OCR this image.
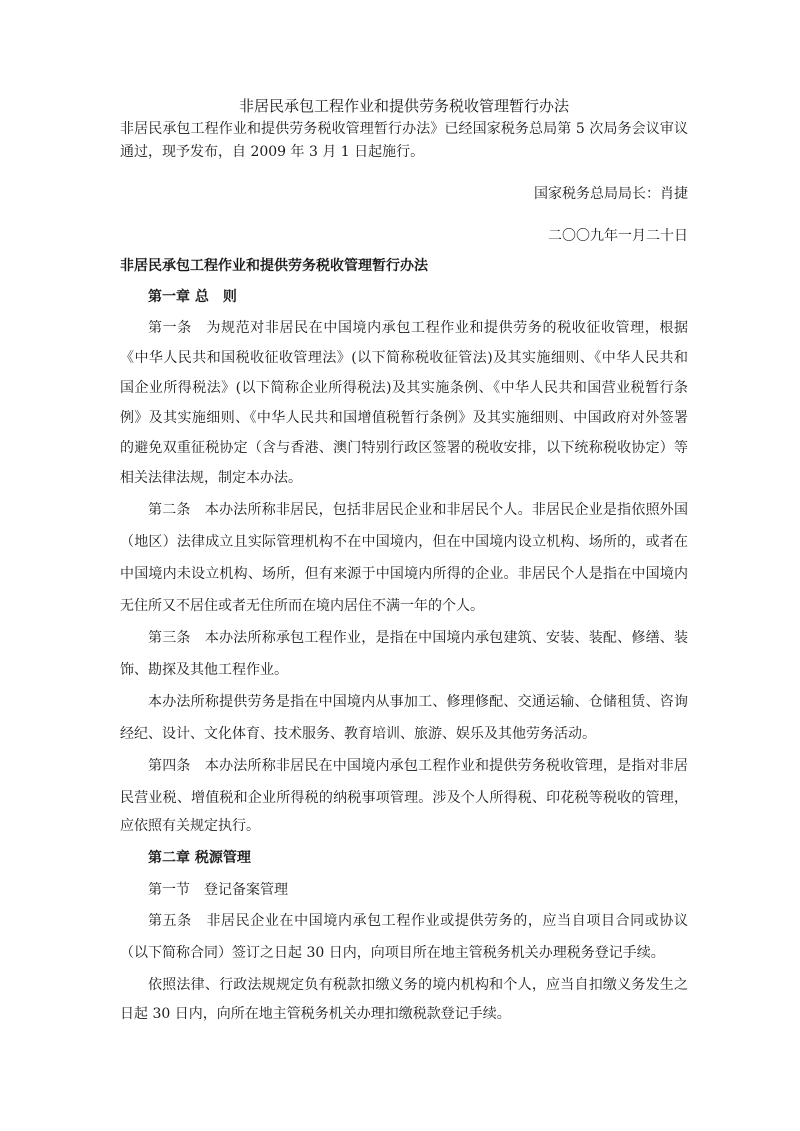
非居民承包工程作业和提供劳务税收管理暂行办法
非居民承包工程作业和提供劳务税收管理暂行办法》已经国家税务总局第 5 次局务会议审议
通过，现予发布，自 2009 年 3 月 1 日起施行。
国家税务总局局长：肖捷
二〇〇九年一月二十日
非居民承包工程作业和提供劳务税收管理暂行办法
第一章 总　则
第一条　为规范对非居民在中国境内承包工程作业和提供劳务的税收征收管理，根据
《中华人民共和国税收征收管理法》(以下简称税收征管法)及其实施细则、《中华人民共和
国企业所得税法》(以下简称企业所得税法)及其实施条例、《中华人民共和国营业税暂行条
例》及其实施细则、《中华人民共和国增值税暂行条例》及其实施细则、中国政府对外签署
的避免双重征税协定（含与香港、澳门特别行政区签署的税收安排，以下统称税收协定）等
相关法律法规，制定本办法。
第二条　本办法所称非居民，包括非居民企业和非居民个人。非居民企业是指依照外国
（地区）法律成立且实际管理机构不在中国境内，但在中国境内设立机构、场所的，或者在
中国境内未设立机构、场所，但有来源于中国境内所得的企业。非居民个人是指在中国境内
无住所又不居住或者无住所而在境内居住不满一年的个人。
第三条　本办法所称承包工程作业，是指在中国境内承包建筑、安装、装配、修缮、装
饰、勘探及其他工程作业。
本办法所称提供劳务是指在中国境内从事加工、修理修配、交通运输、仓储租赁、咨询
经纪、设计、文化体育、技术服务、教育培训、旅游、娱乐及其他劳务活动。
第四条　本办法所称非居民在中国境内承包工程作业和提供劳务税收管理，是指对非居
民营业税、增值税和企业所得税的纳税事项管理。涉及个人所得税、印花税等税收的管理，
应依照有关规定执行。
第二章 税源管理
第一节　登记备案管理
第五条　非居民企业在中国境内承包工程作业或提供劳务的，应当自项目合同或协议
（以下简称合同）签订之日起 30 日内，向项目所在地主管税务机关办理税务登记手续。
依照法律、行政法规规定负有税款扣缴义务的境内机构和个人，应当自扣缴义务发生之
日起 30 日内，向所在地主管税务机关办理扣缴税款登记手续。
